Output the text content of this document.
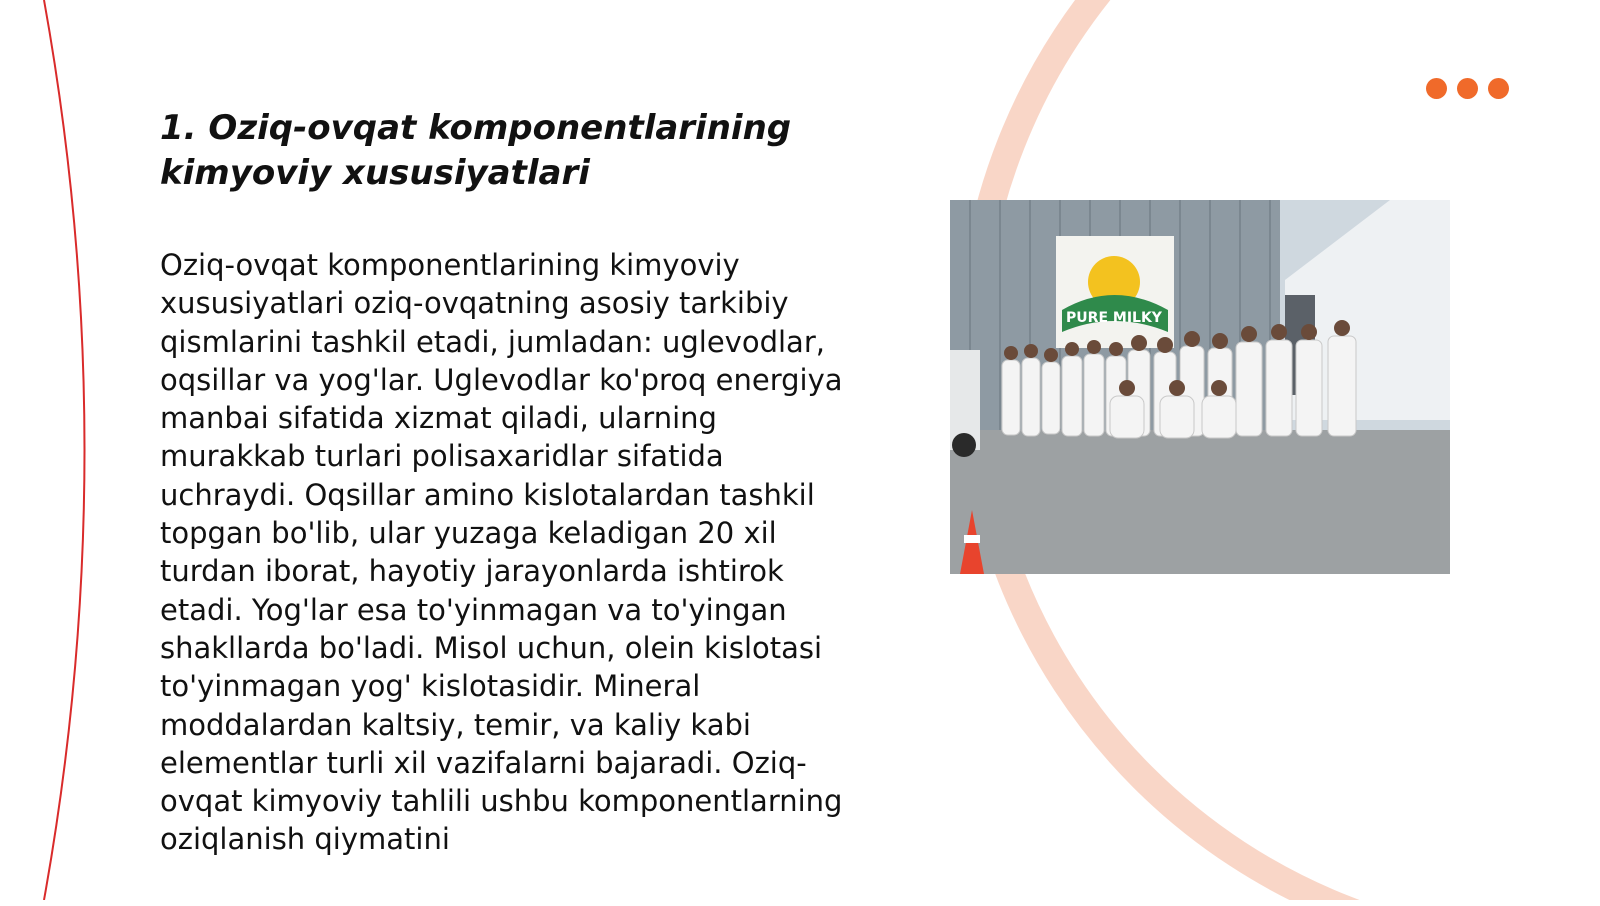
1. Oziq-ovqat komponentlarining kimyoviy xususiyatlari

Oziq-ovqat komponentlarining kimyoviy xususiyatlari oziq-ovqatning asosiy tarkibiy qismlarini tashkil etadi, jumladan: uglevodlar, oqsillar va yog'lar. Uglevodlar ko'proq energiya manbai sifatida xizmat qiladi, ularning murakkab turlari polisaxaridlar sifatida uchraydi. Oqsillar amino kislotalardan tashkil topgan bo'lib, ular yuzaga keladigan 20 xil turdan iborat, hayotiy jarayonlarda ishtirok etadi. Yog'lar esa to'yinmagan va to'yingan shakllarda bo'ladi. Misol uchun, olein kislotasi to'yinmagan yog' kislotasidir. Mineral moddalardan kaltsiy, temir, va kaliy kabi elementlar turli xil vazifalarni bajaradi. Oziq-ovqat kimyoviy tahlili ushbu komponentlarning oziqlanish qiymatini

PURE MILKY
